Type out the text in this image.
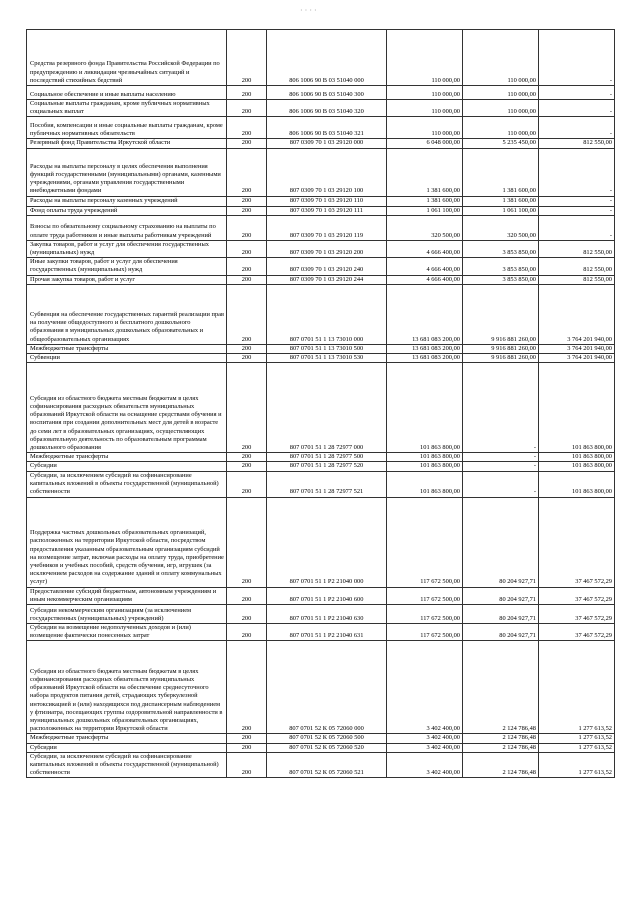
· · · ·
Средства резервного фонда Правительства Российской Федерации по предупреждению и ликвидации чрезвычайных ситуаций и последствий стихийных бедствий	200	806 1006 90 В 03 51040 000	110 000,00	110 000,00	-
Социальное обеспечение и иные выплаты населению	200	806 1006 90 В 03 51040 300	110 000,00	110 000,00	-
Социальные выплаты гражданам, кроме публичных нормативных социальных выплат	200	806 1006 90 В 03 51040 320	110 000,00	110 000,00	-
Пособия, компенсации и иные социальные выплаты гражданам, кроме публичных нормативных обязательств	200	806 1006 90 В 03 51040 321	110 000,00	110 000,00	-
Резервный фонд Правительства Иркутской области	200	807 0309 70 1 03 29120 000	6 048 000,00	5 235 450,00	812 550,00
Расходы на выплаты персоналу в целях обеспечения выполнения функций государственными (муниципальными) органами, казенными учреждениями, органами управления государственными внебюджетными фондами	200	807 0309 70 1 03 29120 100	1 381 600,00	1 381 600,00	-
Расходы на выплаты персоналу казенных учреждений	200	807 0309 70 1 03 29120 110	1 381 600,00	1 381 600,00	-
Фонд оплаты труда учреждений	200	807 0309 70 1 03 29120 111	1 061 100,00	1 061 100,00	-
Взносы по обязательному социальному страхованию на выплаты по оплате труда работников и иные выплаты работникам учреждений	200	807 0309 70 1 03 29120 119	320 500,00	320 500,00	-
Закупка товаров, работ и услуг для обеспечения государственных (муниципальных) нужд	200	807 0309 70 1 03 29120 200	4 666 400,00	3 853 850,00	812 550,00
Иные закупки товаров, работ и услуг для обеспечения государственных (муниципальных) нужд	200	807 0309 70 1 03 29120 240	4 666 400,00	3 853 850,00	812 550,00
Прочая закупка товаров, работ и услуг	200	807 0309 70 1 03 29120 244	4 666 400,00	3 853 850,00	812 550,00
Субвенция на обеспечение государственных гарантий реализации прав на получение общедоступного и бесплатного дошкольного образования в муниципальных дошкольных образовательных и общеобразовательных организациях	200	807 0701 51 1 13 73010 000	13 681 083 200,00	9 916 881 260,00	3 764 201 940,00
Межбюджетные трансферты	200	807 0701 51 1 13 73010 500	13 681 083 200,00	9 916 881 260,00	3 764 201 940,00
Субвенции	200	807 0701 51 1 13 73010 530	13 681 083 200,00	9 916 881 260,00	3 764 201 940,00
Субсидия из областного бюджета местным бюджетам в целях софинансирования расходных обязательств муниципальных образований Иркутской области на оснащение средствами обучения и воспитания при создании дополнительных мест для детей в возрасте до семи лет в образовательных организациях, осуществляющих образовательную деятельность по образовательным программам дошкольного образования	200	807 0701 51 1 28 72977 000	101 863 800,00	-	101 863 800,00
Межбюджетные трансферты	200	807 0701 51 1 28 72977 500	101 863 800,00	-	101 863 800,00
Субсидии	200	807 0701 51 1 28 72977 520	101 863 800,00	-	101 863 800,00
Субсидии, за исключением субсидий на софинансирование капитальных вложений в объекты государственной (муниципальной) собственности	200	807 0701 51 1 28 72977 521	101 863 800,00	-	101 863 800,00
Поддержка частных дошкольных образовательных организаций, расположенных на территории Иркутской области, посредством предоставления указанным образовательным организациям субсидий на возмещение затрат, включая расходы на оплату труда, приобретение учебников и учебных пособий, средств обучения, игр, игрушек (за исключением расходов на содержание зданий и оплату коммунальных услуг)	200	807 0701 51 1 Р2 21040 000	117 672 500,00	80 204 927,71	37 467 572,29
Предоставление субсидий бюджетным, автономным учреждениям и иным некоммерческим организациям	200	807 0701 51 1 Р2 21040 600	117 672 500,00	80 204 927,71	37 467 572,29
Субсидии некоммерческим организациям (за исключением государственных (муниципальных) учреждений)	200	807 0701 51 1 Р2 21040 630	117 672 500,00	80 204 927,71	37 467 572,29
Субсидии на возмещение недополученных доходов и (или) возмещение фактически понесенных затрат	200	807 0701 51 1 Р2 21040 631	117 672 500,00	80 204 927,71	37 467 572,29
Субсидия из областного бюджета местным бюджетам в целях софинансирования расходных обязательств муниципальных образований Иркутской области на обеспечение среднесуточного набора продуктов питания детей, страдающих туберкулезной интоксикацией и (или) находящихся под диспансерным наблюдением у фтизиатра, посещающих группы оздоровительной направленности в муниципальных дошкольных образовательных организациях, расположенных на территории Иркутской области	200	807 0701 52 К 05 72060 000	3 402 400,00	2 124 786,48	1 277 613,52
Межбюджетные трансферты	200	807 0701 52 К 05 72060 500	3 402 400,00	2 124 786,48	1 277 613,52
Субсидии	200	807 0701 52 К 05 72060 520	3 402 400,00	2 124 786,48	1 277 613,52
Субсидии, за исключением субсидий на софинансирование капитальных вложений в объекты государственной (муниципальной) собственности	200	807 0701 52 К 05 72060 521	3 402 400,00	2 124 786,48	1 277 613,52
